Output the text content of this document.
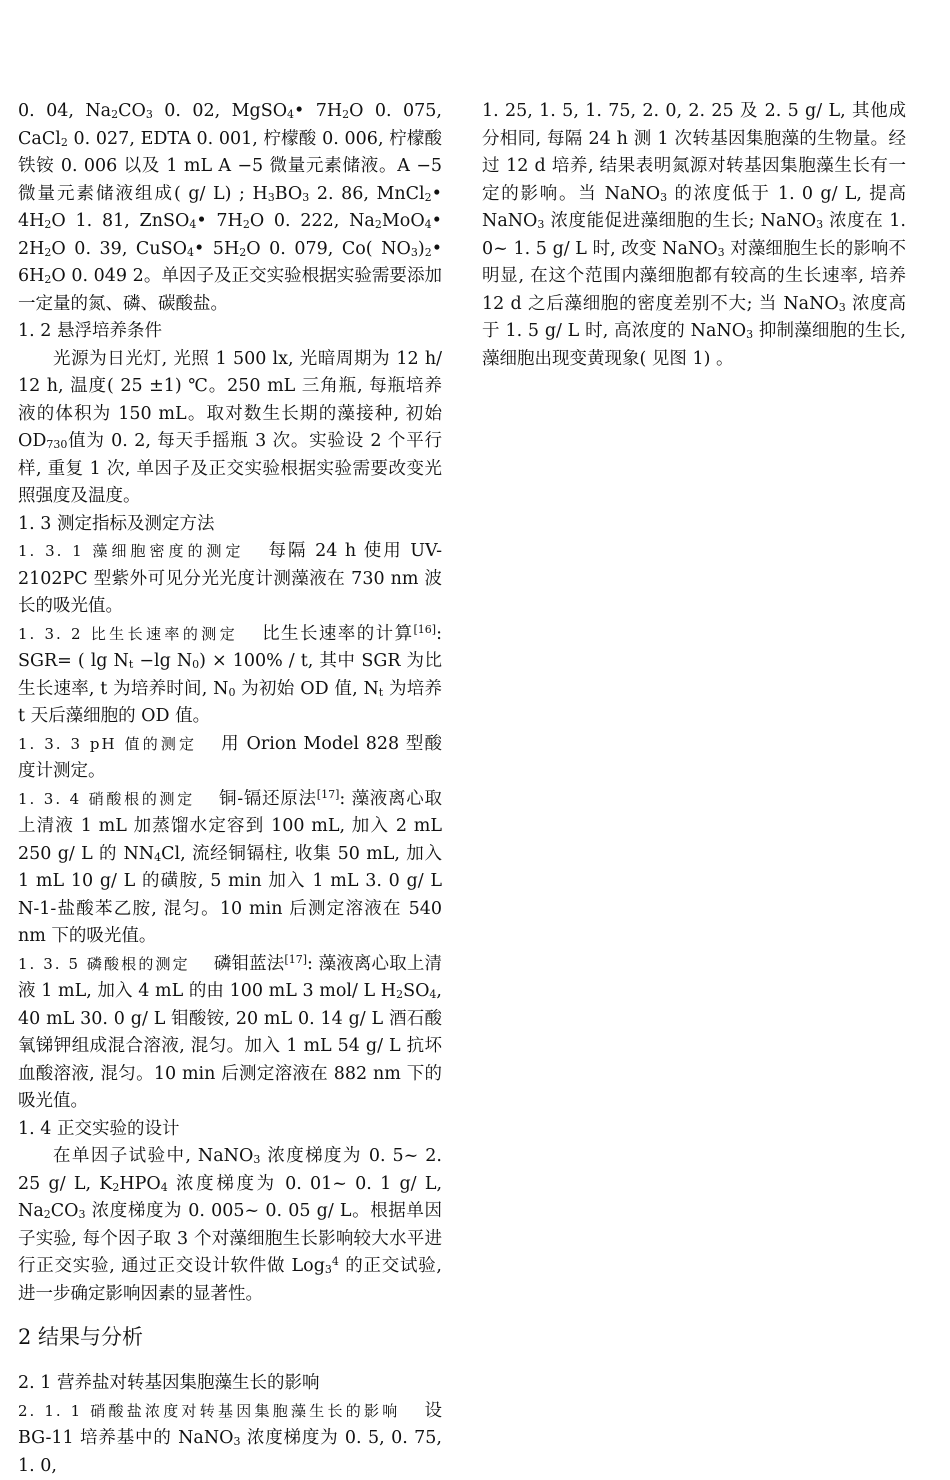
0. 04, $Na_2CO_3$ 0. 02, MgSO$_4$• $7H_2O$ 0. 075, CaCl$_2$ 0. 027, EDTA 0. 001, 柠檬酸 0. 006, 柠檬酸铁铵 0. 006 以及 1 mL A −5 微量元素储液。A −5 微量元素储液组成( g/ L) ; $H_3BO_3$ 2. 86, MnCl$_2$• $4H_2O$ 1. 81, ZnSO$_4$• $7H_2O$ 0. 222, $Na_2MoO_4•$ $2H_2O$ 0. 39, CuSO$_4$• $5H_2O$ 0. 079, Co( $NO_3)_2•$ $6H_2O$ 0. 049 2。单因子及正交实验根据实验需要添加一定量的氮、磷、碳酸盐。

1. 2 悬浮培养条件

光源为日光灯, 光照 1 500 lx, 光暗周期为 12 h/ 12 h, 温度( 25 ±1) ℃。250 mL 三角瓶, 每瓶培养液的体积为 150 mL。取对数生长期的藻接种, 初始 $OD_{730}$值为 0. 2, 每天手摇瓶 3 次。实验设 2 个平行样, 重复 1 次, 单因子及正交实验根据实验需要改变光照强度及温度。

1. 3 测定指标及测定方法

1. 3. 1 藻细胞密度的测定 每隔 24 h 使用 UV-2102PC 型紫外可见分光光度计测藻液在 730 nm 波长的吸光值。

1. 3. 2 比生长速率的测定 比生长速率的计算[16]: SGR= ( $\lg N_t -\lg$ $N_0) \times 100\% / t$, 其中 SGR 为比生长速率, t 为培养时间, $N_0$ 为初始 OD 值, $N_t$ 为培养 t 天后藻细胞的 OD 值。

1. 3. 3 pH 值的测定 用 Orion Model 828 型酸度计测定。

1. 3. 4 硝酸根的测定 铜-镉还原法[17]: 藻液离心取上清液 1 mL 加蒸馏水定容到 100 mL, 加入 2 mL 250 g/ L 的 $NN_4Cl$, 流经铜镉柱, 收集 50 mL, 加入 1 mL 10 g/ L 的磺胺, 5 min 加入 1 mL 3. 0 g/ L N-1-盐酸苯乙胺, 混匀。10 min 后测定溶液在 540 nm 下的吸光值。

1. 3. 5 磷酸根的测定 磷钼蓝法[17]: 藻液离心取上清液 1 mL, 加入 4 mL 的由 100 mL 3 mol/ L $H_2SO_4$, 40 mL 30. 0 g/ L 钼酸铵, 20 mL 0. 14 g/ L 酒石酸氧锑钾组成混合溶液, 混匀。加入 1 mL 54 g/ L 抗坏血酸溶液, 混匀。10 min 后测定溶液在 882 nm 下的吸光值。

1. 4 正交实验的设计

在单因子试验中, NaNO$_3$ 浓度梯度为 0. 5~ 2. 25 g/ L, $K_2HPO_4$ 浓度梯度为 0. 01~ 0. 1 g/ L, $Na_2CO_3$ 浓度梯度为 0. 005~ 0. 05 g/ L。根据单因子实验, 每个因子取 3 个对藻细胞生长影响较大水平进行正交实验, 通过正交设计软件做 Log$_3^4$ 的正交试验, 进一步确定影响因素的显著性。

2 结果与分析

2. 1 营养盐对转基因集胞藻生长的影响

2. 1. 1 硝酸盐浓度对转基因集胞藻生长的影响 设 BG-11 培养基中的 NaNO$_3$ 浓度梯度为 0. 5, 0. 75, 1. 0,

1. 25, 1. 5, 1. 75, 2. 0, 2. 25 及 2. 5 g/ L, 其他成分相同, 每隔 24 h 测 1 次转基因集胞藻的生物量。经过 12 d 培养, 结果表明氮源对转基因集胞藻生长有一定的影响。当 NaNO$_3$ 的浓度低于 1. 0 g/ L, 提高 NaNO$_3$ 浓度能促进藻细胞的生长; NaNO$_3$ 浓度在 1. 0~ 1. 5 g/ L 时, 改变 NaNO$_3$ 对藻细胞生长的影响不明显, 在这个范围内藻细胞都有较高的生长速率, 培养 12 d 之后藻细胞的密度差别不大; 当 NaNO$_3$ 浓度高于 1. 5 g/ L 时, 高浓度的 NaNO$_3$ 抑制藻细胞的生长, 藻细胞出现变黄现象( 见图 1) 。
